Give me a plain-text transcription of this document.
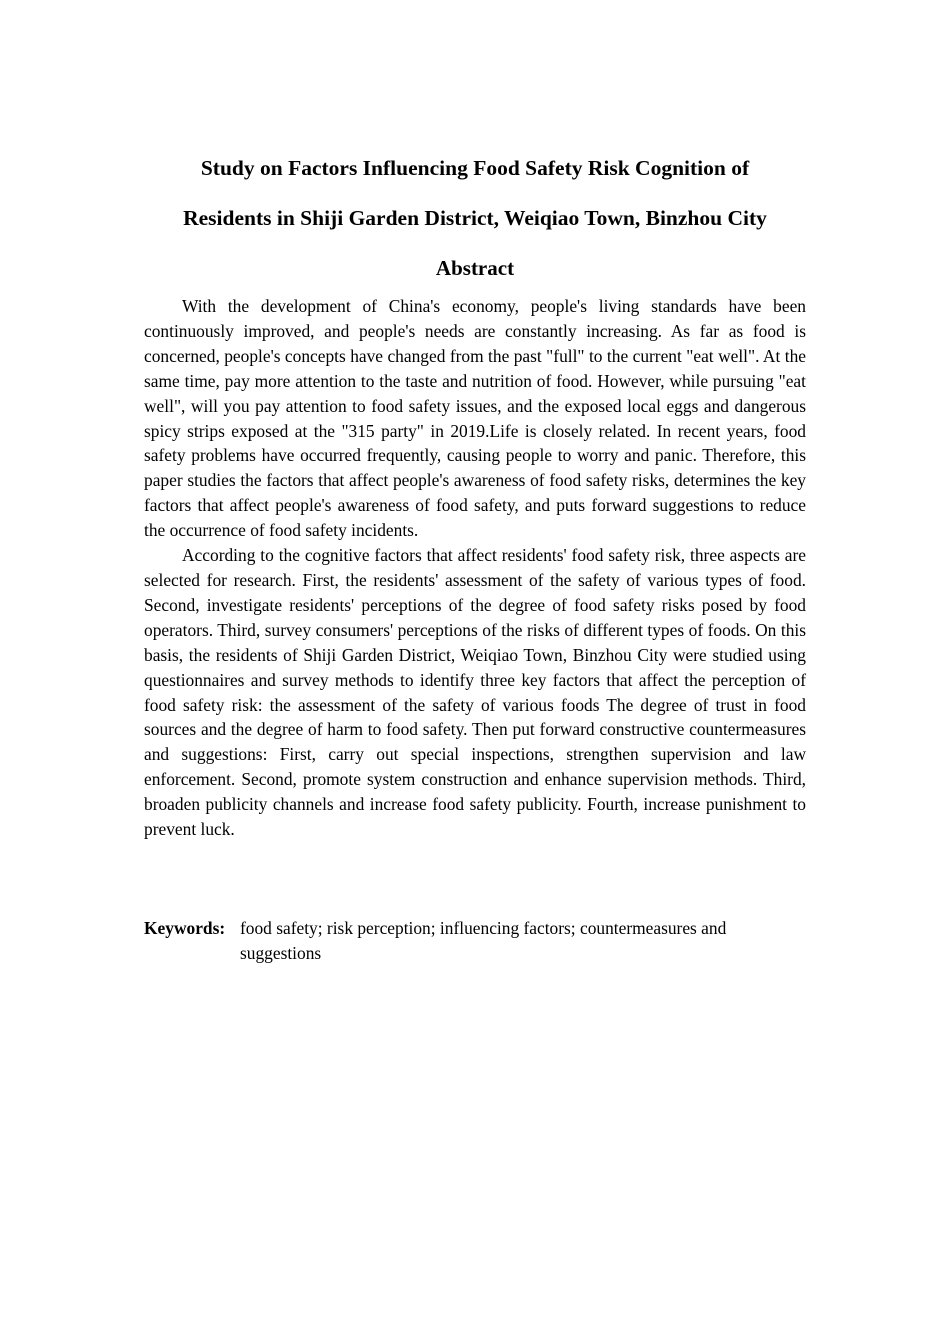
Study on Factors Influencing Food Safety Risk Cognition of
Residents in Shiji Garden District, Weiqiao Town, Binzhou City
Abstract

With the development of China's economy, people's living standards have been continuously improved, and people's needs are constantly increasing. As far as food is concerned, people's concepts have changed from the past "full" to the current "eat well". At the same time, pay more attention to the taste and nutrition of food. However, while pursuing "eat well", will you pay attention to food safety issues, and the exposed local eggs and dangerous spicy strips exposed at the "315 party" in 2019.Life is closely related. In recent years, food safety problems have occurred frequently, causing people to worry and panic. Therefore, this paper studies the factors that affect people's awareness of food safety risks, determines the key factors that affect people's awareness of food safety, and puts forward suggestions to reduce the occurrence of food safety incidents.

According to the cognitive factors that affect residents' food safety risk, three aspects are selected for research. First, the residents' assessment of the safety of various types of food. Second, investigate residents' perceptions of the degree of food safety risks posed by food operators. Third, survey consumers' perceptions of the risks of different types of foods. On this basis, the residents of Shiji Garden District, Weiqiao Town, Binzhou City were studied using questionnaires and survey methods to identify three key factors that affect the perception of food safety risk: the assessment of the safety of various foods The degree of trust in food sources and the degree of harm to food safety. Then put forward constructive countermeasures and suggestions: First, carry out special inspections, strengthen supervision and law enforcement. Second, promote system construction and enhance supervision methods. Third, broaden publicity channels and increase food safety publicity. Fourth, increase punishment to prevent luck.

Keywords: food safety; risk perception; influencing factors; countermeasures and suggestions
